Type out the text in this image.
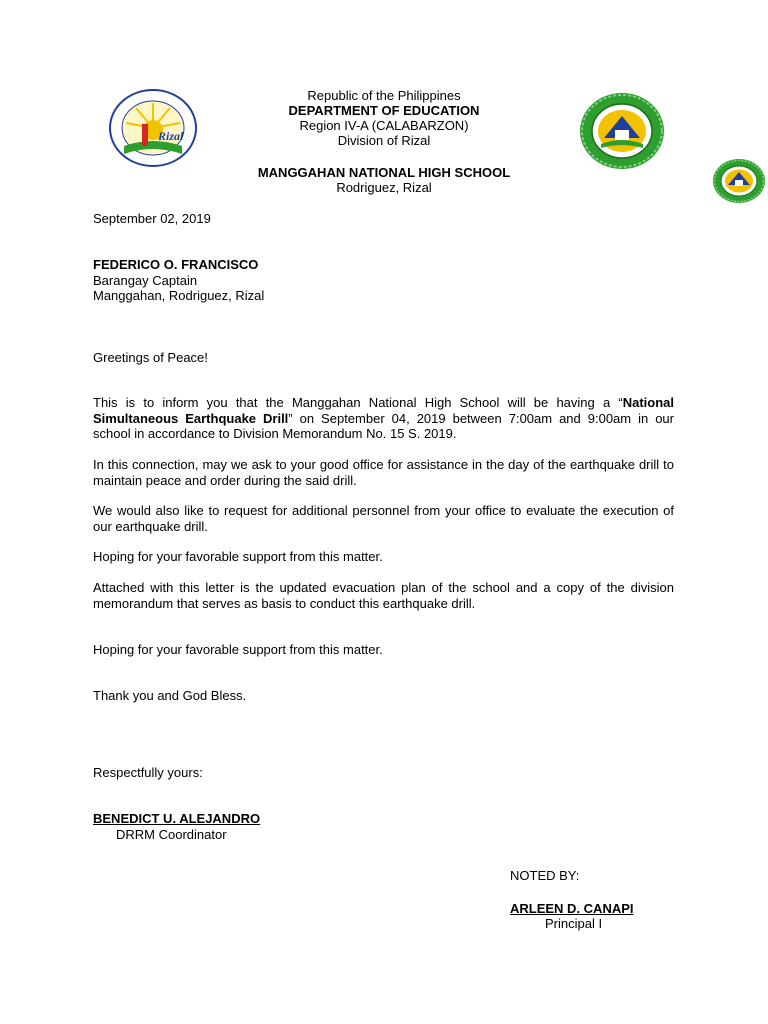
Rizal
Republic of the Philippines
DEPARTMENT OF EDUCATION
Region IV-A (CALABARZON)
Division of Rizal
MANGGAHAN NATIONAL HIGH SCHOOL
Rodriguez, Rizal
September 02, 2019
FEDERICO O. FRANCISCO
Barangay Captain
Manggahan, Rodriguez, Rizal
Greetings of Peace!
This is to inform you that the Manggahan National High School will be having a “National Simultaneous Earthquake Drill” on September 04, 2019 between 7:00am and 9:00am in our school in accordance to Division Memorandum No. 15 S. 2019.
In this connection, may we ask to your good office for assistance in the day of the earthquake drill to maintain peace and order during the said drill.
We would also like to request for additional personnel from your office to evaluate the execution of our earthquake drill.
Hoping for your favorable support from this matter.
Attached with this letter is the updated evacuation plan of the school and a copy of the division memorandum that serves as basis to conduct this earthquake drill.
Hoping for your favorable support from this matter.
Thank you and God Bless.
Respectfully yours:
BENEDICT U. ALEJANDRO
DRRM Coordinator
NOTED BY:
ARLEEN D. CANAPI
Principal I
